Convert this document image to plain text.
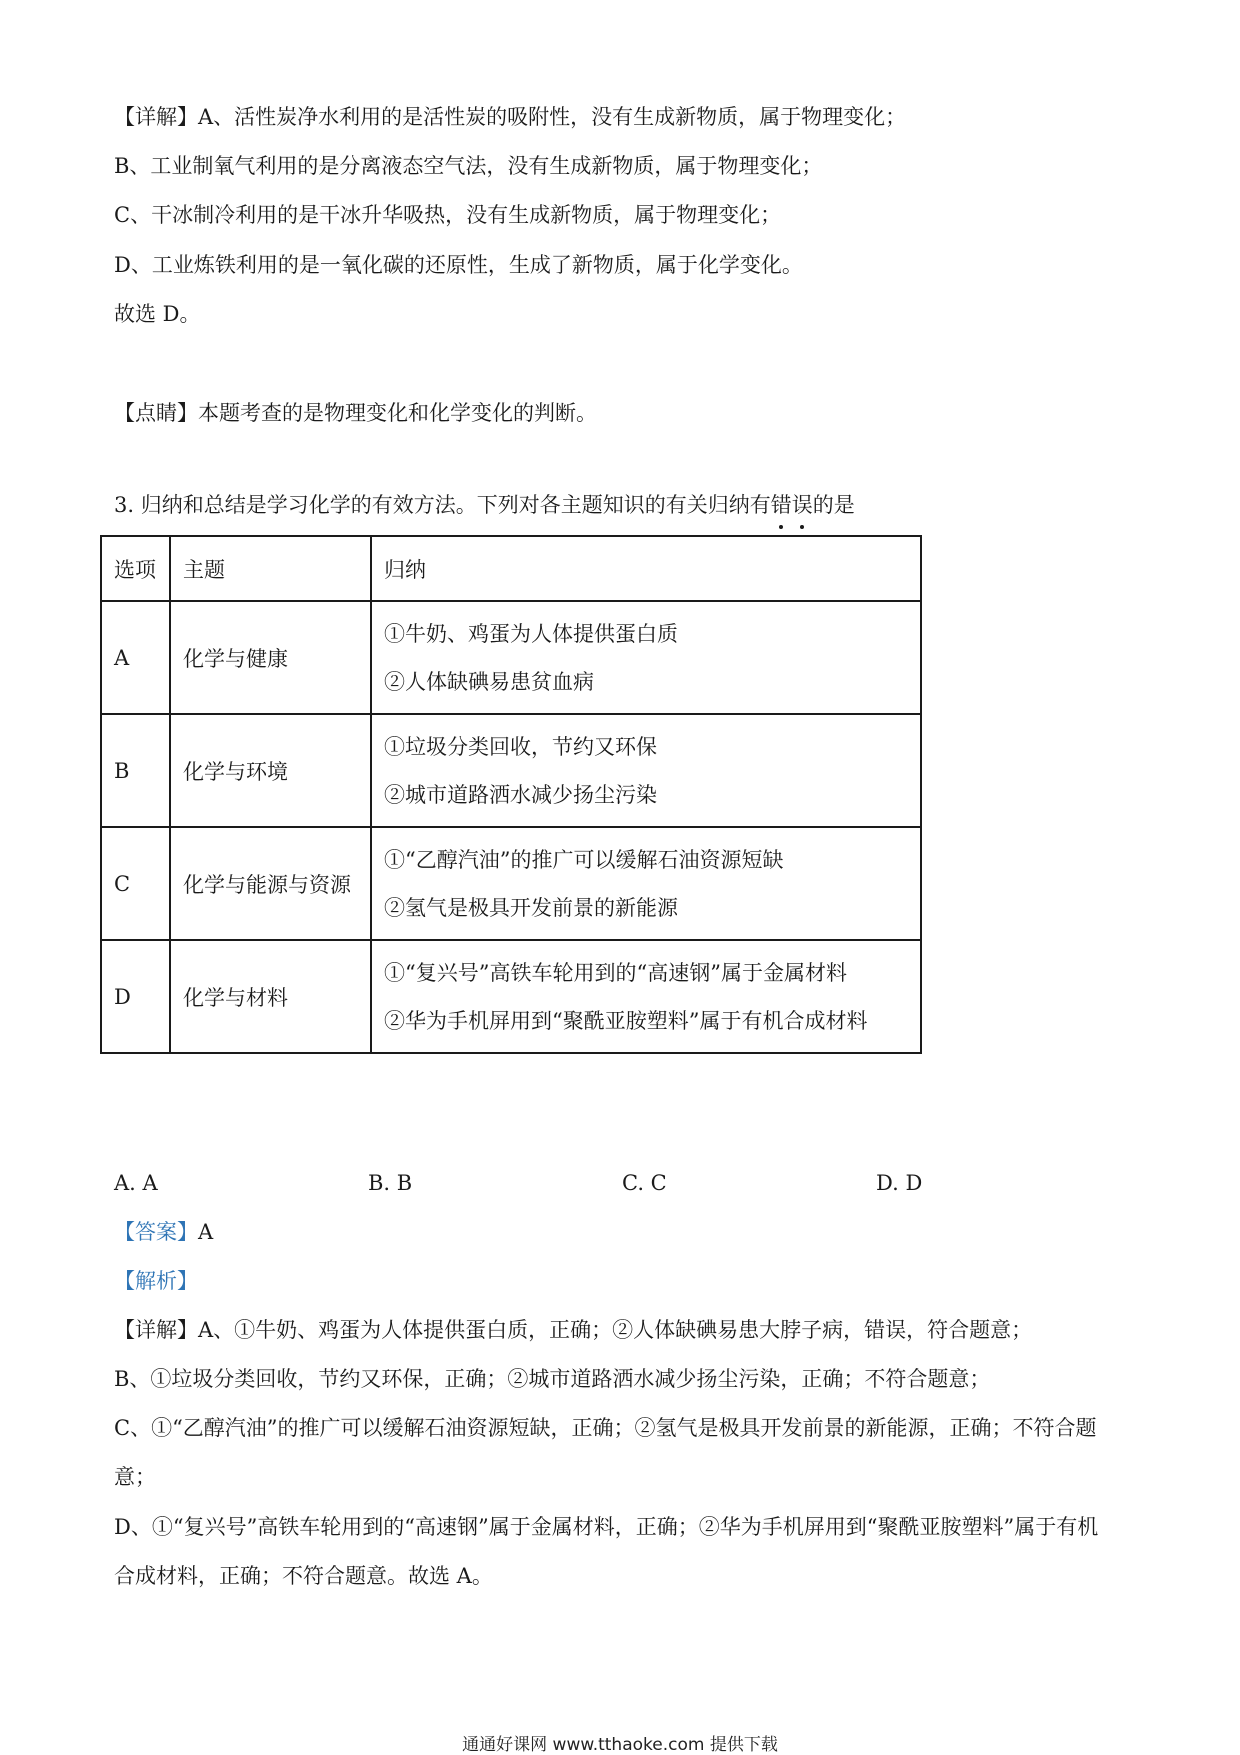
【详解】A、活性炭净水利用的是活性炭的吸附性，没有生成新物质，属于物理变化；
B、工业制氧气利用的是分离液态空气法，没有生成新物质，属于物理变化；
C、干冰制冷利用的是干冰升华吸热，没有生成新物质，属于物理变化；
D、工业炼铁利用的是一氧化碳的还原性，生成了新物质，属于化学变化。
故选 D。
【点睛】本题考查的是物理变化和化学变化的判断。
3. 归纳和总结是学习化学的有效方法。下列对各主题知识的有关归纳有错误的是
选项	主题	归纳
A	化学与健康	①牛奶、鸡蛋为人体提供蛋白质
②人体缺碘易患贫血病

B	化学与环境	①垃圾分类回收，节约又环保
②城市道路洒水减少扬尘污染

C	化学与能源与资源	①“乙醇汽油”的推广可以缓解石油资源短缺
②氢气是极具开发前景的新能源

D	化学与材料	①“复兴号”高铁车轮用到的“高速钢”属于金属材料
②华为手机屏用到“聚酰亚胺塑料”属于有机合成材料
A. A	B. B	C. C	D. D
【答案】A
【解析】
【详解】A、①牛奶、鸡蛋为人体提供蛋白质，正确；②人体缺碘易患大脖子病，错误，符合题意；
B、①垃圾分类回收，节约又环保，正确；②城市道路洒水减少扬尘污染，正确；不符合题意；
C、①“乙醇汽油”的推广可以缓解石油资源短缺，正确；②氢气是极具开发前景的新能源，正确；不符合题
意；
D、①“复兴号”高铁车轮用到的“高速钢”属于金属材料，正确；②华为手机屏用到“聚酰亚胺塑料”属于有机
合成材料，正确；不符合题意。故选 A。
通通好课网 www.tthaoke.com 提供下载
